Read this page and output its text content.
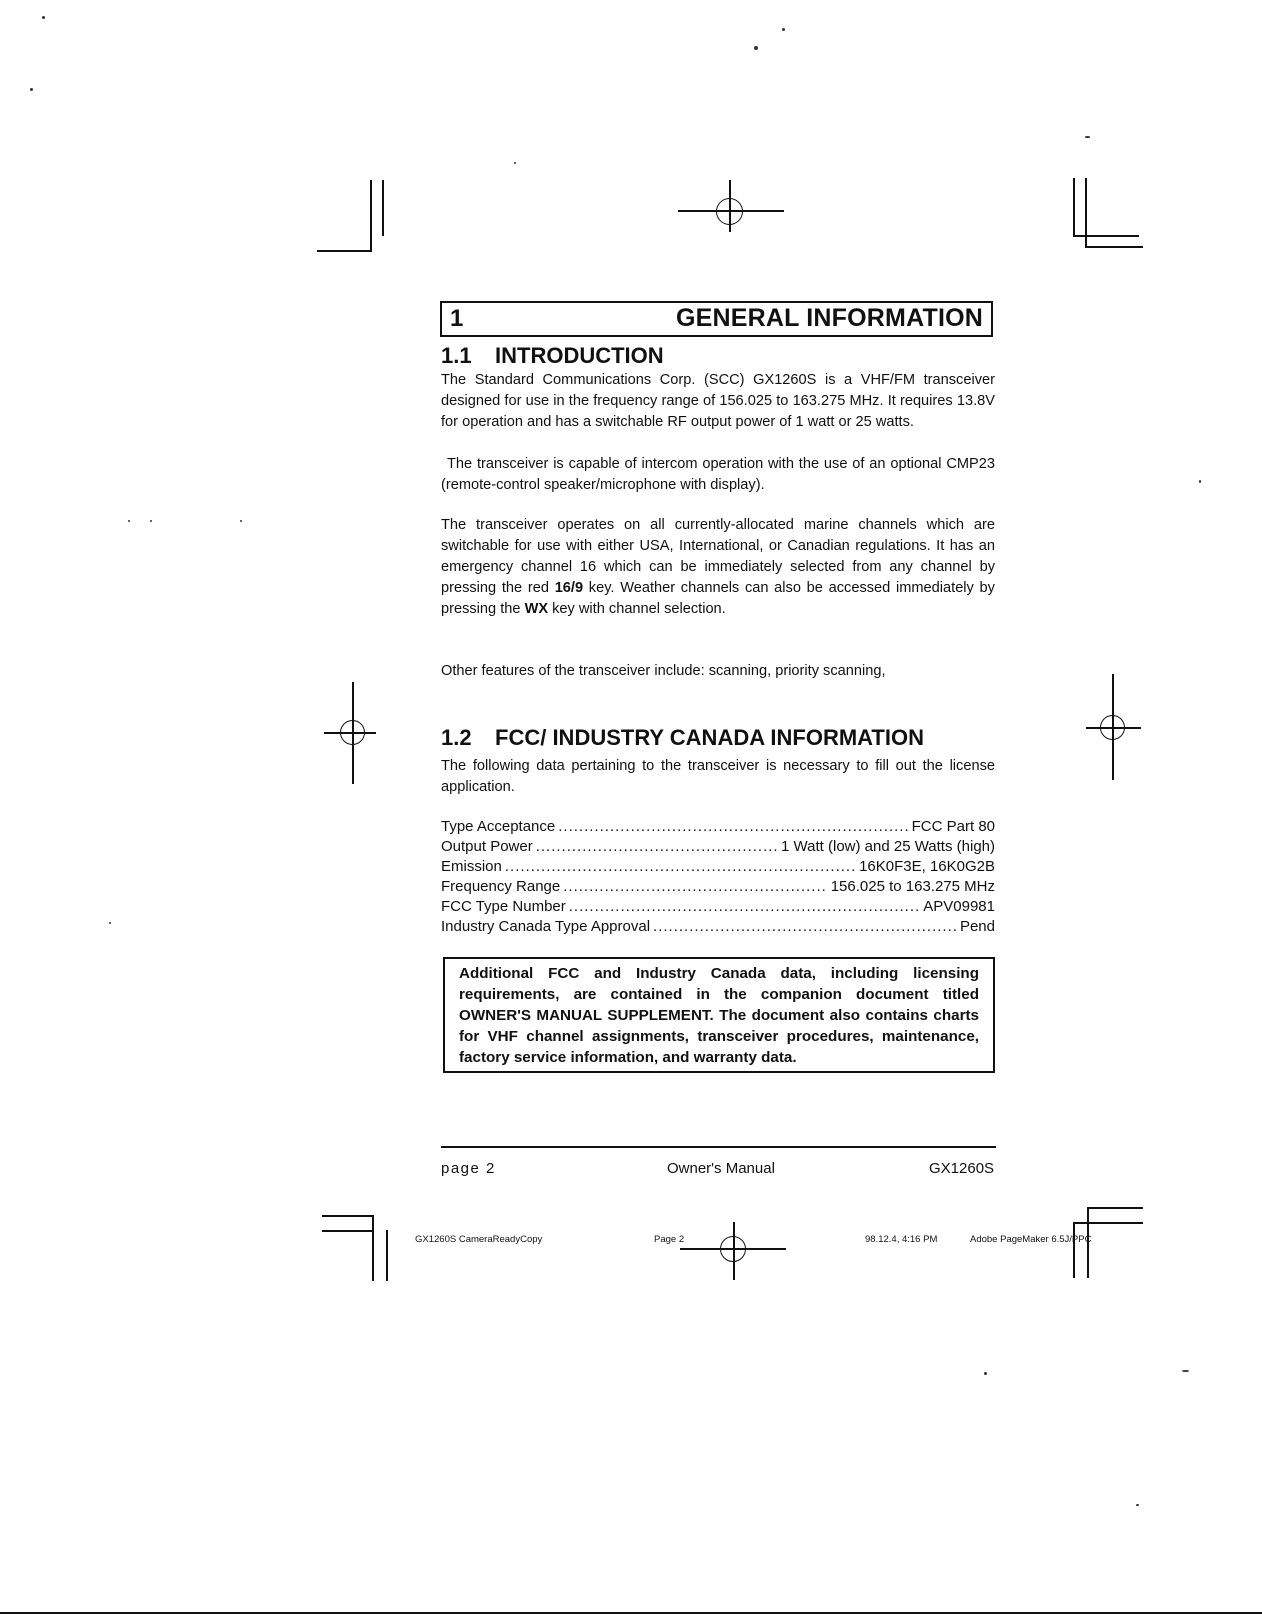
1	GENERAL INFORMATION
1.1 INTRODUCTION
The Standard Communications Corp. (SCC) GX1260S is a VHF/FM transceiver designed for use in the frequency range of 156.025 to 163.275 MHz. It requires 13.8V for operation and has a switchable RF output power of 1 watt or 25 watts.
The transceiver is capable of intercom operation with the use of an optional CMP23 (remote-control speaker/microphone with display).
The transceiver operates on all currently-allocated marine channels which are switchable for use with either USA, International, or Canadian regulations. It has an emergency channel 16 which can be immediately selected from any channel by pressing the red 16/9 key. Weather channels can also be accessed immediately by pressing the WX key with channel selection.
Other features of the transceiver include: scanning, priority scanning,
1.2 FCC/ INDUSTRY CANADA INFORMATION
The following data pertaining to the transceiver is necessary to fill out the license application.
Type Acceptance .....	FCC Part 80
Output Power .....	1 Watt (low) and 25 Watts (high)
Emission .....	16K0F3E, 16K0G2B
Frequency Range .....	156.025 to 163.275 MHz
FCC Type Number .....	APV09981
Industry Canada Type Approval .....	Pend
Additional FCC and Industry Canada data, including licensing requirements, are contained in the companion document titled OWNER'S MANUAL SUPPLEMENT. The document also contains charts for VHF channel assignments, transceiver procedures, maintenance, factory service information, and warranty data.
page 2	Owner's Manual	GX1260S
GX1260S CameraReadyCopy	Page 2	98.12.4, 4:16 PM	Adobe PageMaker 6.5J/PPC
